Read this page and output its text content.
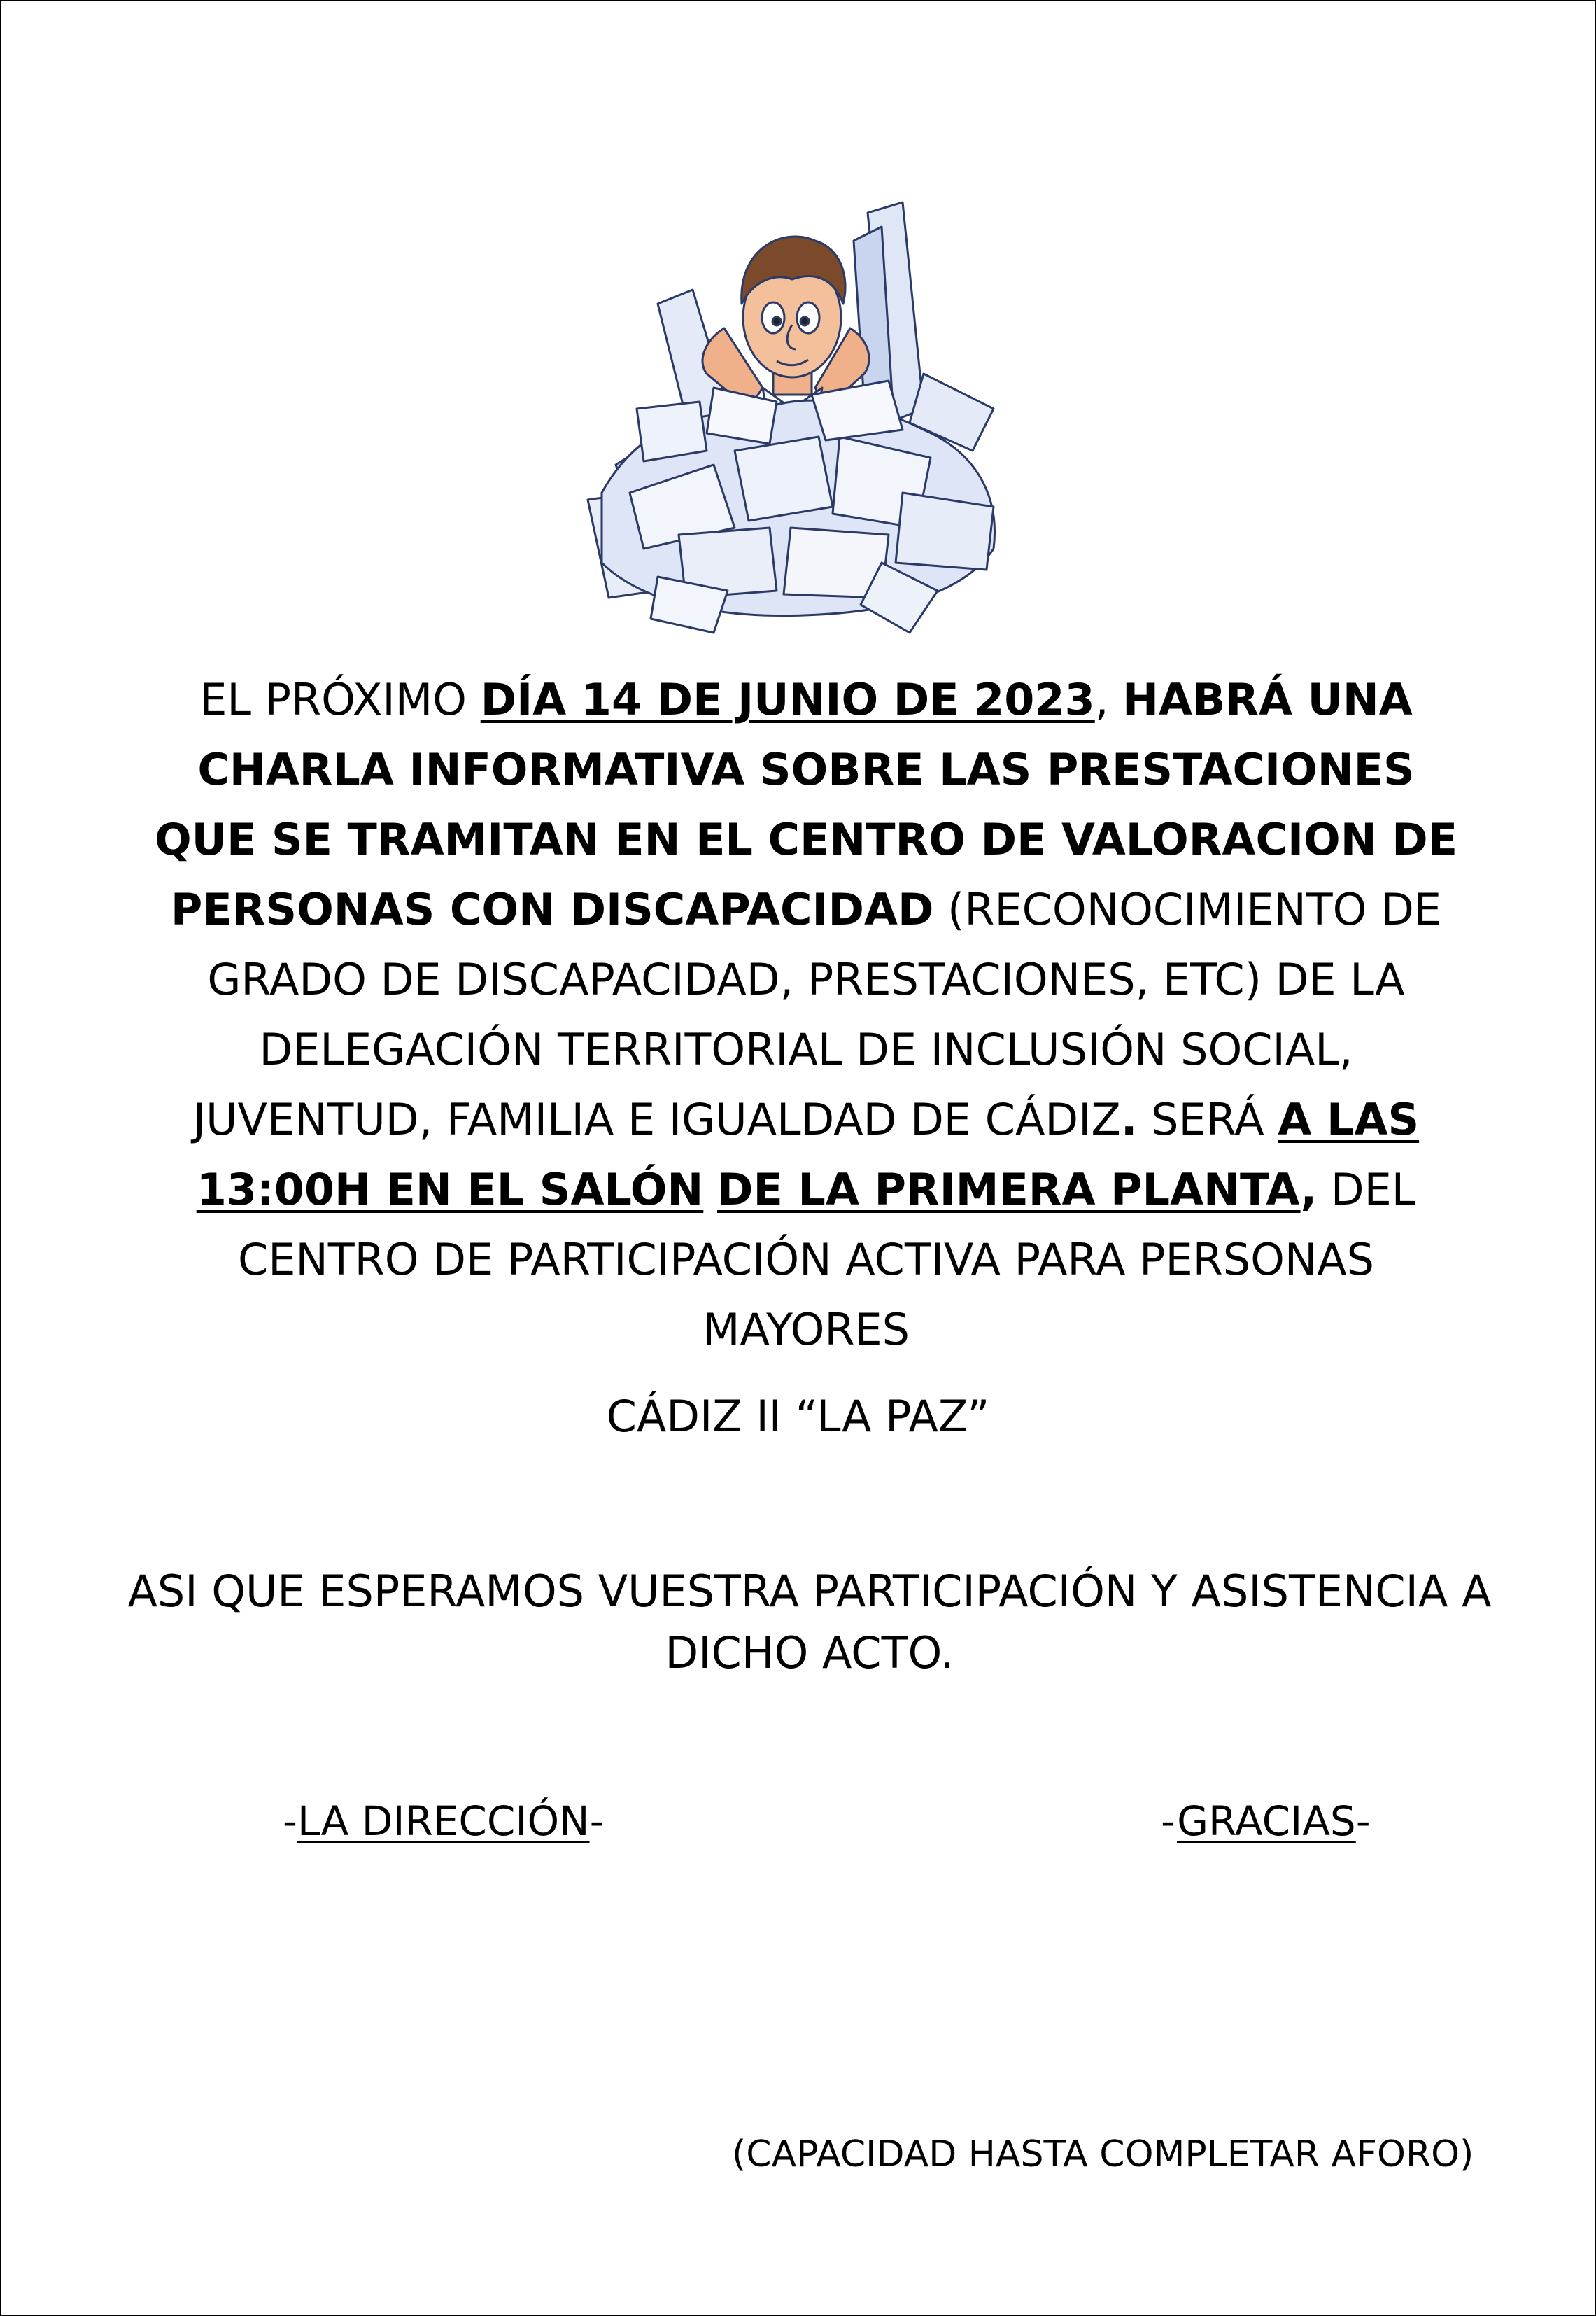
EL PRÓXIMO DÍA 14 DE JUNIO DE 2023, HABRÁ UNA CHARLA INFORMATIVA SOBRE LAS PRESTACIONES QUE SE TRAMITAN EN EL CENTRO DE VALORACION DE PERSONAS CON DISCAPACIDAD (RECONOCIMIENTO DE GRADO DE DISCAPACIDAD, PRESTACIONES, ETC) DE LA DELEGACIÓN TERRITORIAL DE INCLUSIÓN SOCIAL, JUVENTUD, FAMILIA E IGUALDAD DE CÁDIZ. SERÁ A LAS 13:00H EN EL SALÓN DE LA PRIMERA PLANTA, DEL CENTRO DE PARTICIPACIÓN ACTIVA PARA PERSONAS MAYORES

CÁDIZ II “LA PAZ”

ASI QUE ESPERAMOS VUESTRA PARTICIPACIÓN Y ASISTENCIA A DICHO ACTO.

-LA DIRECCIÓN-	-GRACIAS-
(CAPACIDAD HASTA COMPLETAR AFORO)
